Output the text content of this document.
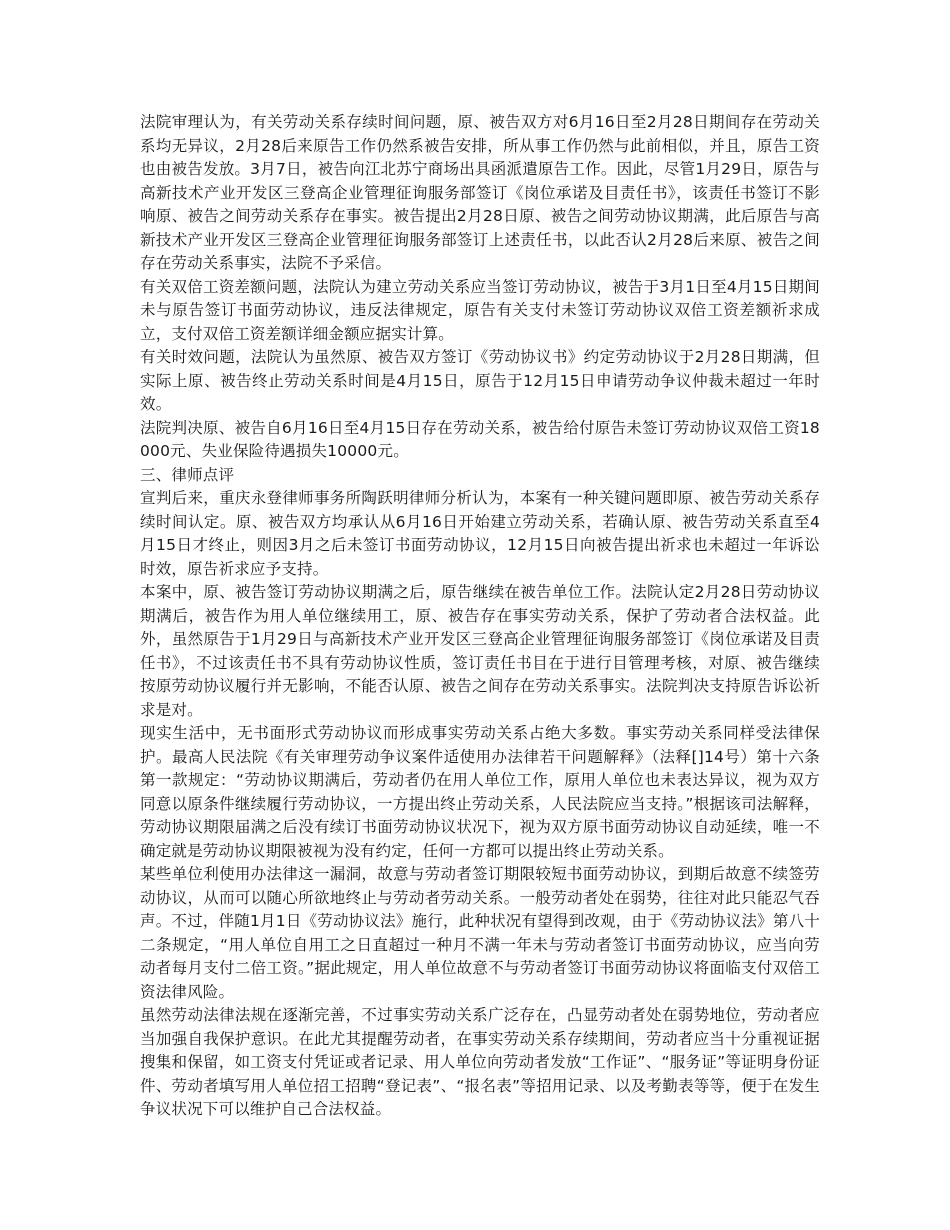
法院审理认为，有关劳动关系存续时间问题，原、被告双方对6月16日至2月28日期间存在劳动关系均无异议，2月28后来原告工作仍然系被告安排，所从事工作仍然与此前相似，并且，原告工资也由被告发放。3月7日，被告向江北苏宁商场出具函派遣原告工作。因此，尽管1月29日，原告与高新技术产业开发区三登高企业管理征询服务部签订《岗位承诺及目责任书》，该责任书签订不影响原、被告之间劳动关系存在事实。被告提出2月28日原、被告之间劳动协议期满，此后原告与高新技术产业开发区三登高企业管理征询服务部签订上述责任书，以此否认2月28后来原、被告之间存在劳动关系事实，法院不予采信。

有关双倍工资差额问题，法院认为建立劳动关系应当签订劳动协议，被告于3月1日至4月15日期间未与原告签订书面劳动协议，违反法律规定，原告有关支付未签订劳动协议双倍工资差额祈求成立，支付双倍工资差额详细金额应据实计算。

有关时效问题，法院认为虽然原、被告双方签订《劳动协议书》约定劳动协议于2月28日期满，但实际上原、被告终止劳动关系时间是4月15日，原告于12月15日申请劳动争议仲裁未超过一年时效。

法院判决原、被告自6月16日至4月15日存在劳动关系，被告给付原告未签订劳动协议双倍工资18000元、失业保险待遇损失10000元。

三、律师点评

宣判后来，重庆永登律师事务所陶跃明律师分析认为，本案有一种关键问题即原、被告劳动关系存续时间认定。原、被告双方均承认从6月16日开始建立劳动关系，若确认原、被告劳动关系直至4月15日才终止，则因3月之后未签订书面劳动协议，12月15日向被告提出祈求也未超过一年诉讼时效，原告祈求应予支持。

本案中，原、被告签订劳动协议期满之后，原告继续在被告单位工作。法院认定2月28日劳动协议期满后，被告作为用人单位继续用工，原、被告存在事实劳动关系，保护了劳动者合法权益。此外，虽然原告于1月29日与高新技术产业开发区三登高企业管理征询服务部签订《岗位承诺及目责任书》，不过该责任书不具有劳动协议性质，签订责任书目在于进行目管理考核，对原、被告继续按原劳动协议履行并无影响，不能否认原、被告之间存在劳动关系事实。法院判决支持原告诉讼祈求是对。

现实生活中，无书面形式劳动协议而形成事实劳动关系占绝大多数。事实劳动关系同样受法律保护。最高人民法院《有关审理劳动争议案件适使用办法律若干问题解释》（法释[]14号）第十六条第一款规定：“劳动协议期满后，劳动者仍在用人单位工作，原用人单位也未表达异议，视为双方同意以原条件继续履行劳动协议，一方提出终止劳动关系，人民法院应当支持。”根据该司法解释，劳动协议期限届满之后没有续订书面劳动协议状况下，视为双方原书面劳动协议自动延续，唯一不确定就是劳动协议期限被视为没有约定，任何一方都可以提出终止劳动关系。

某些单位利使用办法律这一漏洞，故意与劳动者签订期限较短书面劳动协议，到期后故意不续签劳动协议，从而可以随心所欲地终止与劳动者劳动关系。一般劳动者处在弱势，往往对此只能忍气吞声。不过，伴随1月1日《劳动协议法》施行，此种状况有望得到改观，由于《劳动协议法》第八十二条规定，“用人单位自用工之日直超过一种月不满一年未与劳动者签订书面劳动协议，应当向劳动者每月支付二倍工资。”据此规定，用人单位故意不与劳动者签订书面劳动协议将面临支付双倍工资法律风险。

虽然劳动法律法规在逐渐完善，不过事实劳动关系广泛存在，凸显劳动者处在弱势地位，劳动者应当加强自我保护意识。在此尤其提醒劳动者，在事实劳动关系存续期间，劳动者应当十分重视证据搜集和保留，如工资支付凭证或者记录、用人单位向劳动者发放“工作证”、“服务证”等证明身份证件、劳动者填写用人单位招工招聘“登记表”、“报名表”等招用记录、以及考勤表等等，便于在发生争议状况下可以维护自己合法权益。
